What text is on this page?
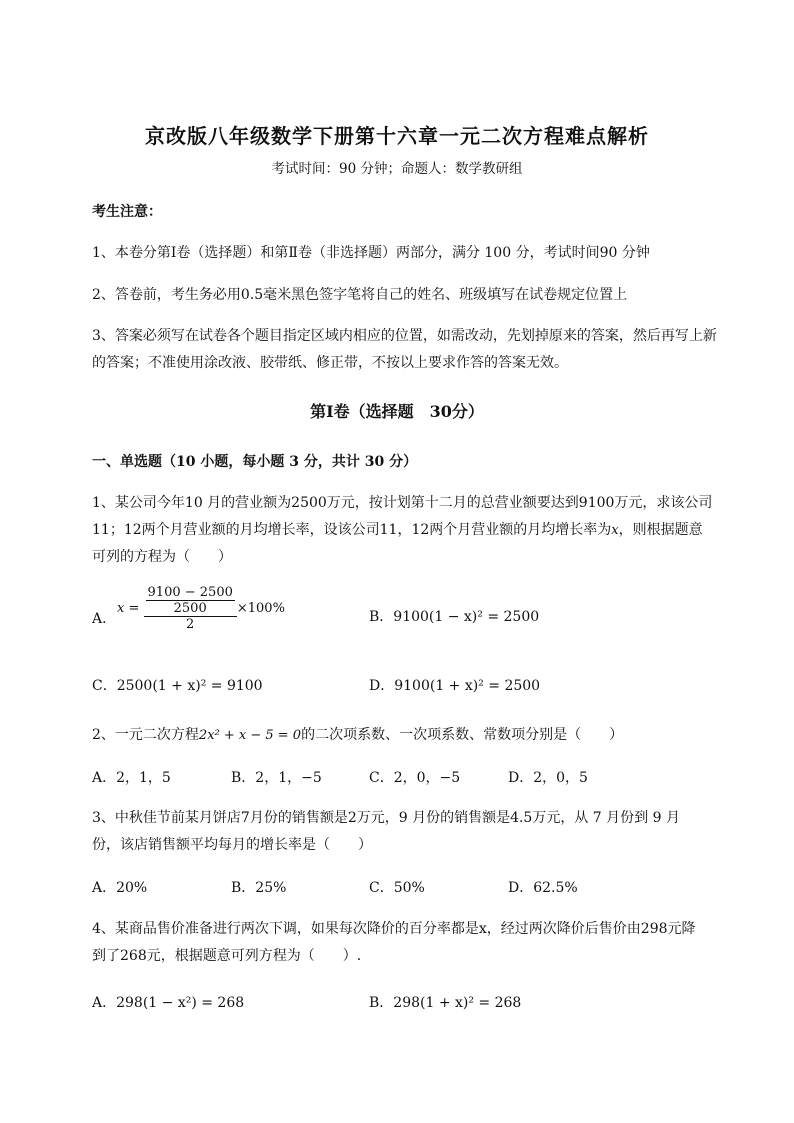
京改版八年级数学下册第十六章一元二次方程难点解析
考试时间：90 分钟；命题人：数学教研组
考生注意：
1、本卷分第Ⅰ卷（选择题）和第Ⅱ卷（非选择题）两部分，满分 100 分，考试时间90 分钟
2、答卷前，考生务必用0.5毫米黑色签字笔将自己的姓名、班级填写在试卷规定位置上
3、答案必须写在试卷各个题目指定区域内相应的位置，如需改动，先划掉原来的答案，然后再写上新
的答案；不准使用涂改液、胶带纸、修正带，不按以上要求作答的答案无效。
第Ⅰ卷（选择题　30分）
一、单选题（10 小题，每小题 3 分，共计 30 分）
1、某公司今年10 月的营业额为2500万元，按计划第十二月的总营业额要达到9100万元，求该公司
11；12两个月营业额的月均增长率，设该公司11，12两个月营业额的月均增长率为x，则根据题意
可列的方程为（　　）
A．
$x = \frac{\frac{9100 - 2500}{2500}}{2} \times 100\%$
B．9100(1 − x)² = 2500
C．2500(1 + x)² = 9100	D．9100(1 + x)² = 2500
2、一元二次方程2x² + x − 5 = 0的二次项系数、一次项系数、常数项分别是（　　）
A．2，1，5	B．2，1，−5	C．2，0，−5	D．2，0，5
3、中秋佳节前某月饼店7月份的销售额是2万元，9 月份的销售额是4.5万元，从 7 月份到 9 月
份，该店销售额平均每月的增长率是（　　）
A．20%	B．25%	C．50%	D．62.5%
4、某商品售价准备进行两次下调，如果每次降价的百分率都是x，经过两次降价后售价由298元降
到了268元，根据题意可列方程为（　　）.
A．298(1 − x²) = 268	B．298(1 + x)² = 268
